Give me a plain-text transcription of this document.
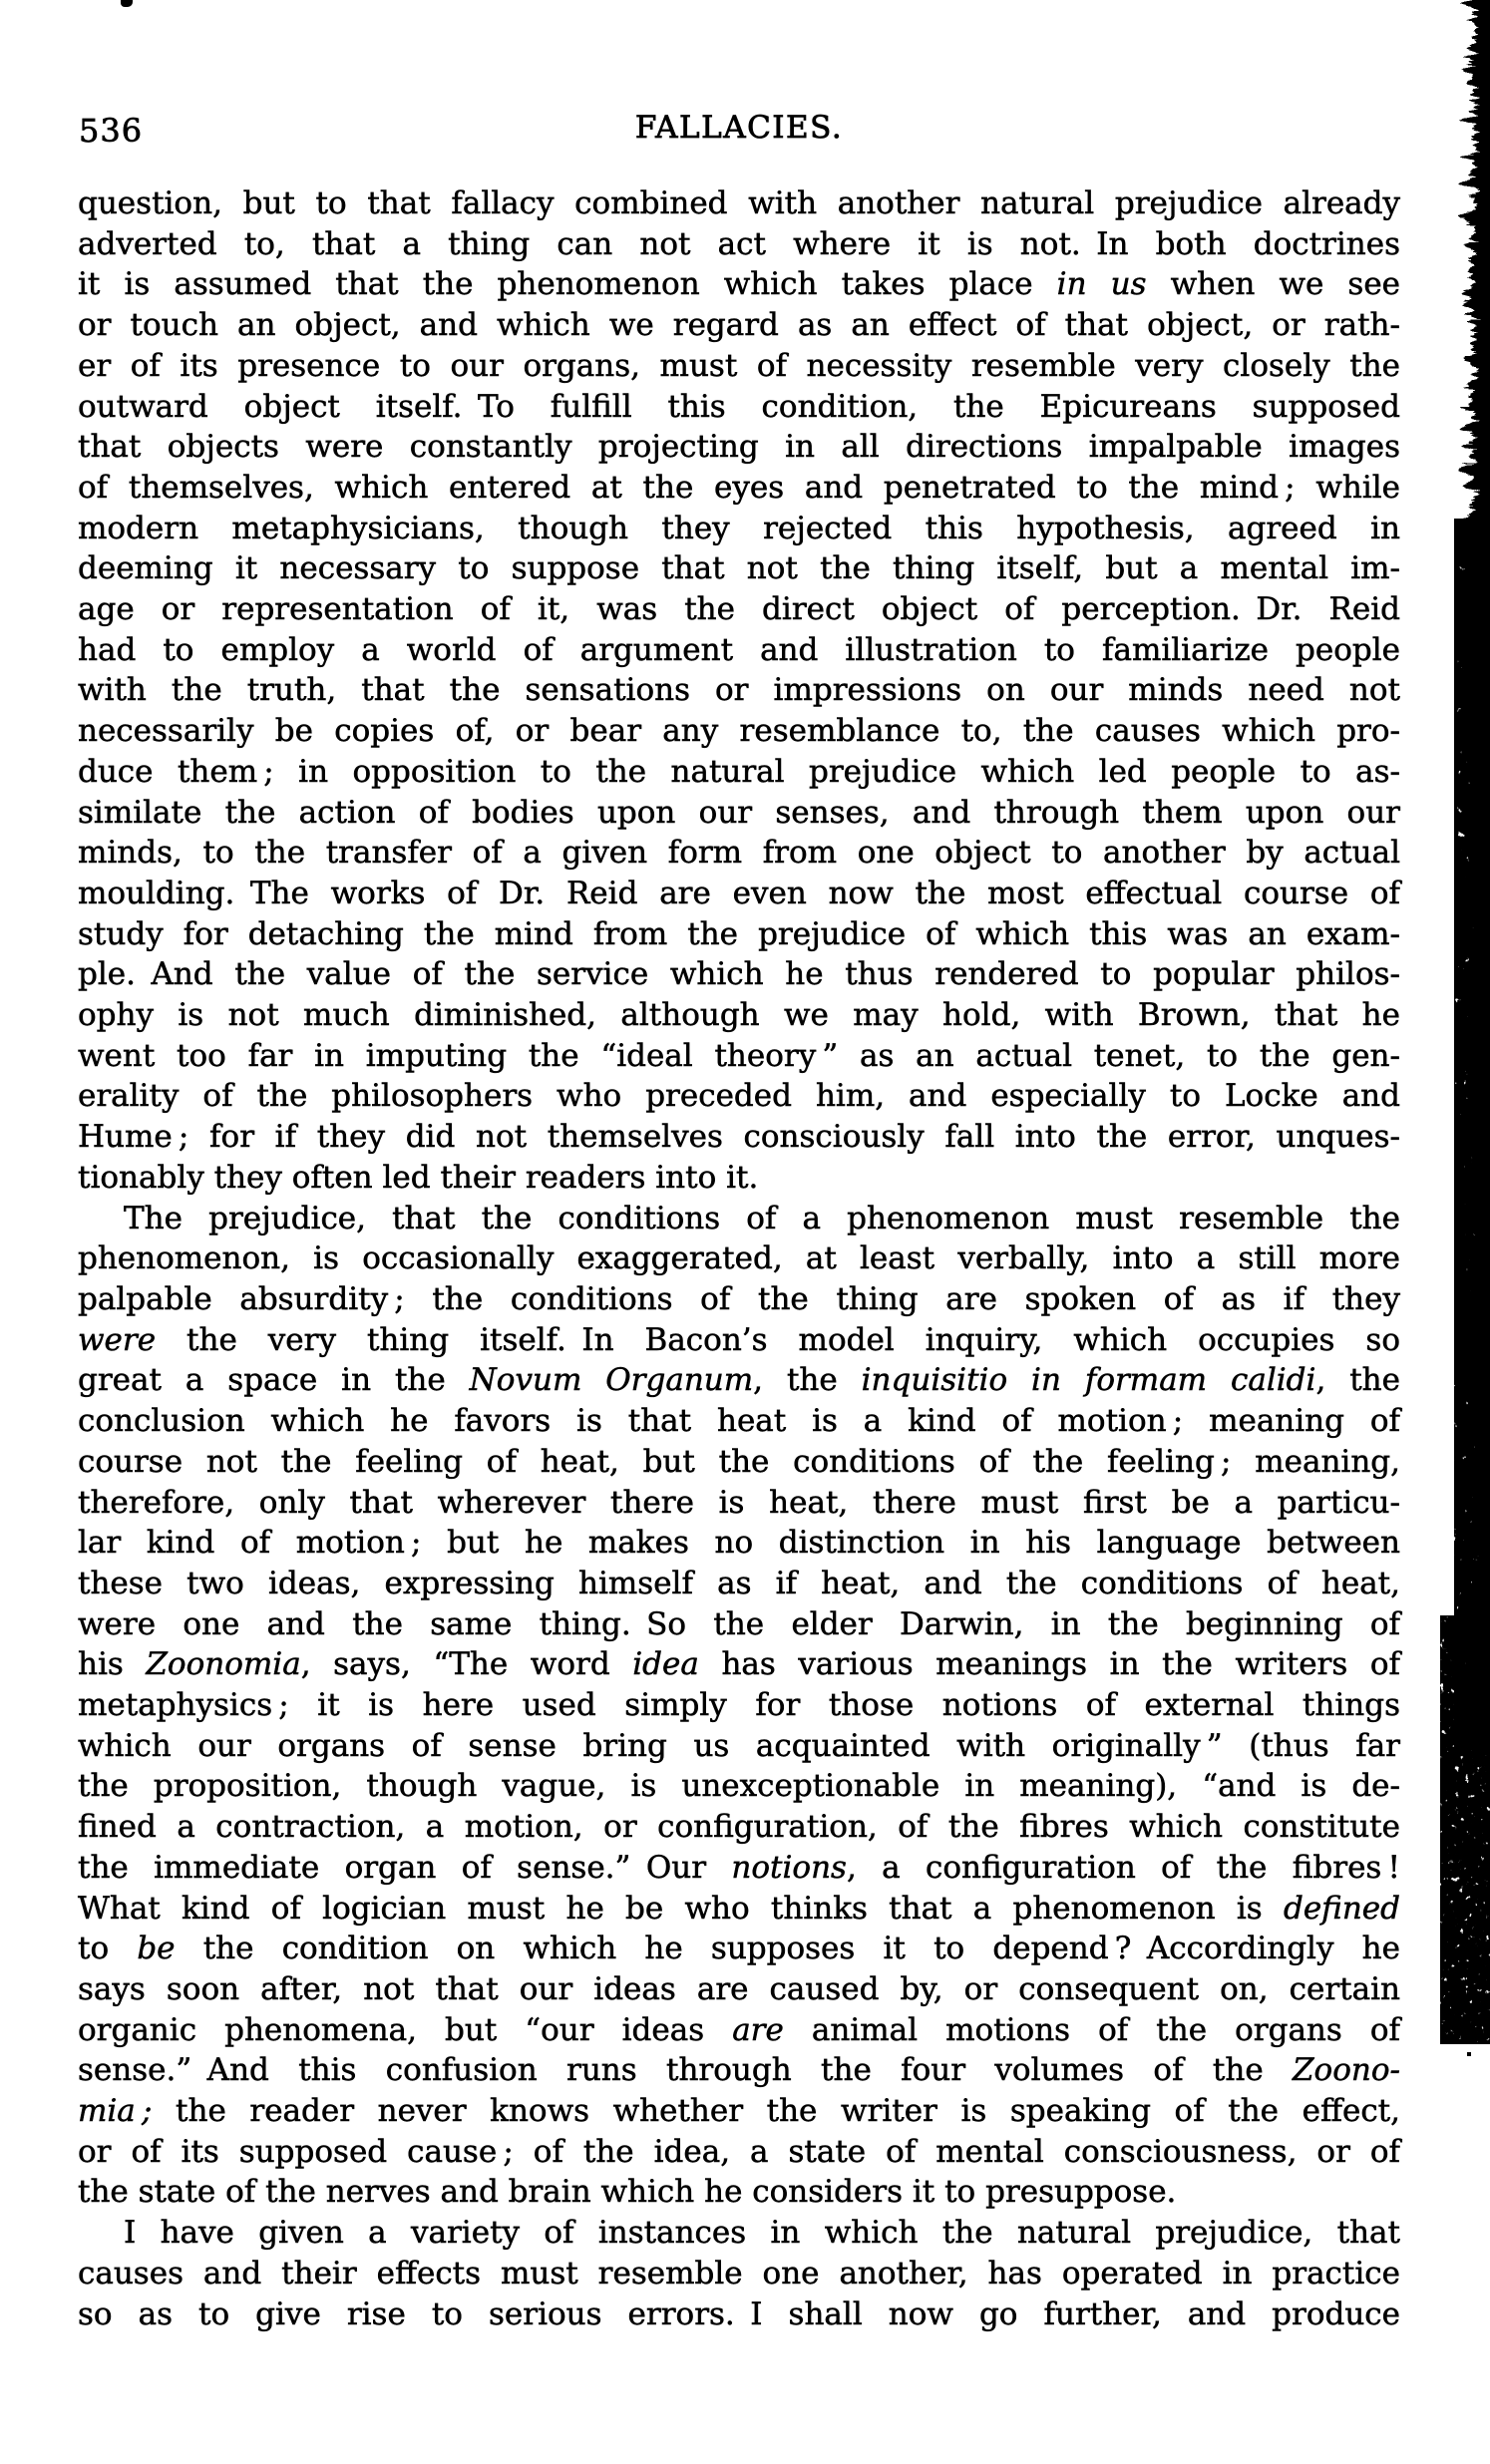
536	FALLACIES.
question, but to that fallacy combined with another natural prejudice already
adverted to, that a thing can not act where it is not. In both doctrines
it is assumed that the phenomenon which takes place in us when we see
or touch an object, and which we regard as an effect of that object, or rath-
er of its presence to our organs, must of necessity resemble very closely the
outward object itself. To fulfill this condition, the Epicureans supposed
that objects were constantly projecting in all directions impalpable images
of themselves, which entered at the eyes and penetrated to the mind ; while
modern metaphysicians, though they rejected this hypothesis, agreed in
deeming it necessary to suppose that not the thing itself, but a mental im-
age or representation of it, was the direct object of perception. Dr. Reid
had to employ a world of argument and illustration to familiarize people
with the truth, that the sensations or impressions on our minds need not
necessarily be copies of, or bear any resemblance to, the causes which pro-
duce them ; in opposition to the natural prejudice which led people to as-
similate the action of bodies upon our senses, and through them upon our
minds, to the transfer of a given form from one object to another by actual
moulding. The works of Dr. Reid are even now the most effectual course of
study for detaching the mind from the prejudice of which this was an exam-
ple. And the value of the service which he thus rendered to popular philos-
ophy is not much diminished, although we may hold, with Brown, that he
went too far in imputing the “ideal theory ” as an actual tenet, to the gen-
erality of the philosophers who preceded him, and especially to Locke and
Hume ; for if they did not themselves consciously fall into the error, unques-
tionably they often led their readers into it.
The prejudice, that the conditions of a phenomenon must resemble the
phenomenon, is occasionally exaggerated, at least verbally, into a still more
palpable absurdity ; the conditions of the thing are spoken of as if they
were the very thing itself. In Bacon’s model inquiry, which occupies so
great a space in the Novum Organum, the inquisitio in formam calidi, the
conclusion which he favors is that heat is a kind of motion ; meaning of
course not the feeling of heat, but the conditions of the feeling ; meaning,
therefore, only that wherever there is heat, there must first be a particu-
lar kind of motion ; but he makes no distinction in his language between
these two ideas, expressing himself as if heat, and the conditions of heat,
were one and the same thing. So the elder Darwin, in the beginning of
his Zoonomia, says, “The word idea has various meanings in the writers of
metaphysics ; it is here used simply for those notions of external things
which our organs of sense bring us acquainted with originally ” (thus far
the proposition, though vague, is unexceptionable in meaning), “and is de-
fined a contraction, a motion, or configuration, of the fibres which constitute
the immediate organ of sense.” Our notions, a configuration of the fibres !
What kind of logician must he be who thinks that a phenomenon is defined
to be the condition on which he supposes it to depend ? Accordingly he
says soon after, not that our ideas are caused by, or consequent on, certain
organic phenomena, but “our ideas are animal motions of the organs of
sense.” And this confusion runs through the four volumes of the Zoono-
mia ; the reader never knows whether the writer is speaking of the effect,
or of its supposed cause ; of the idea, a state of mental consciousness, or of
the state of the nerves and brain which he considers it to presuppose.
I have given a variety of instances in which the natural prejudice, that
causes and their effects must resemble one another, has operated in practice
so as to give rise to serious errors. I shall now go further, and produce
